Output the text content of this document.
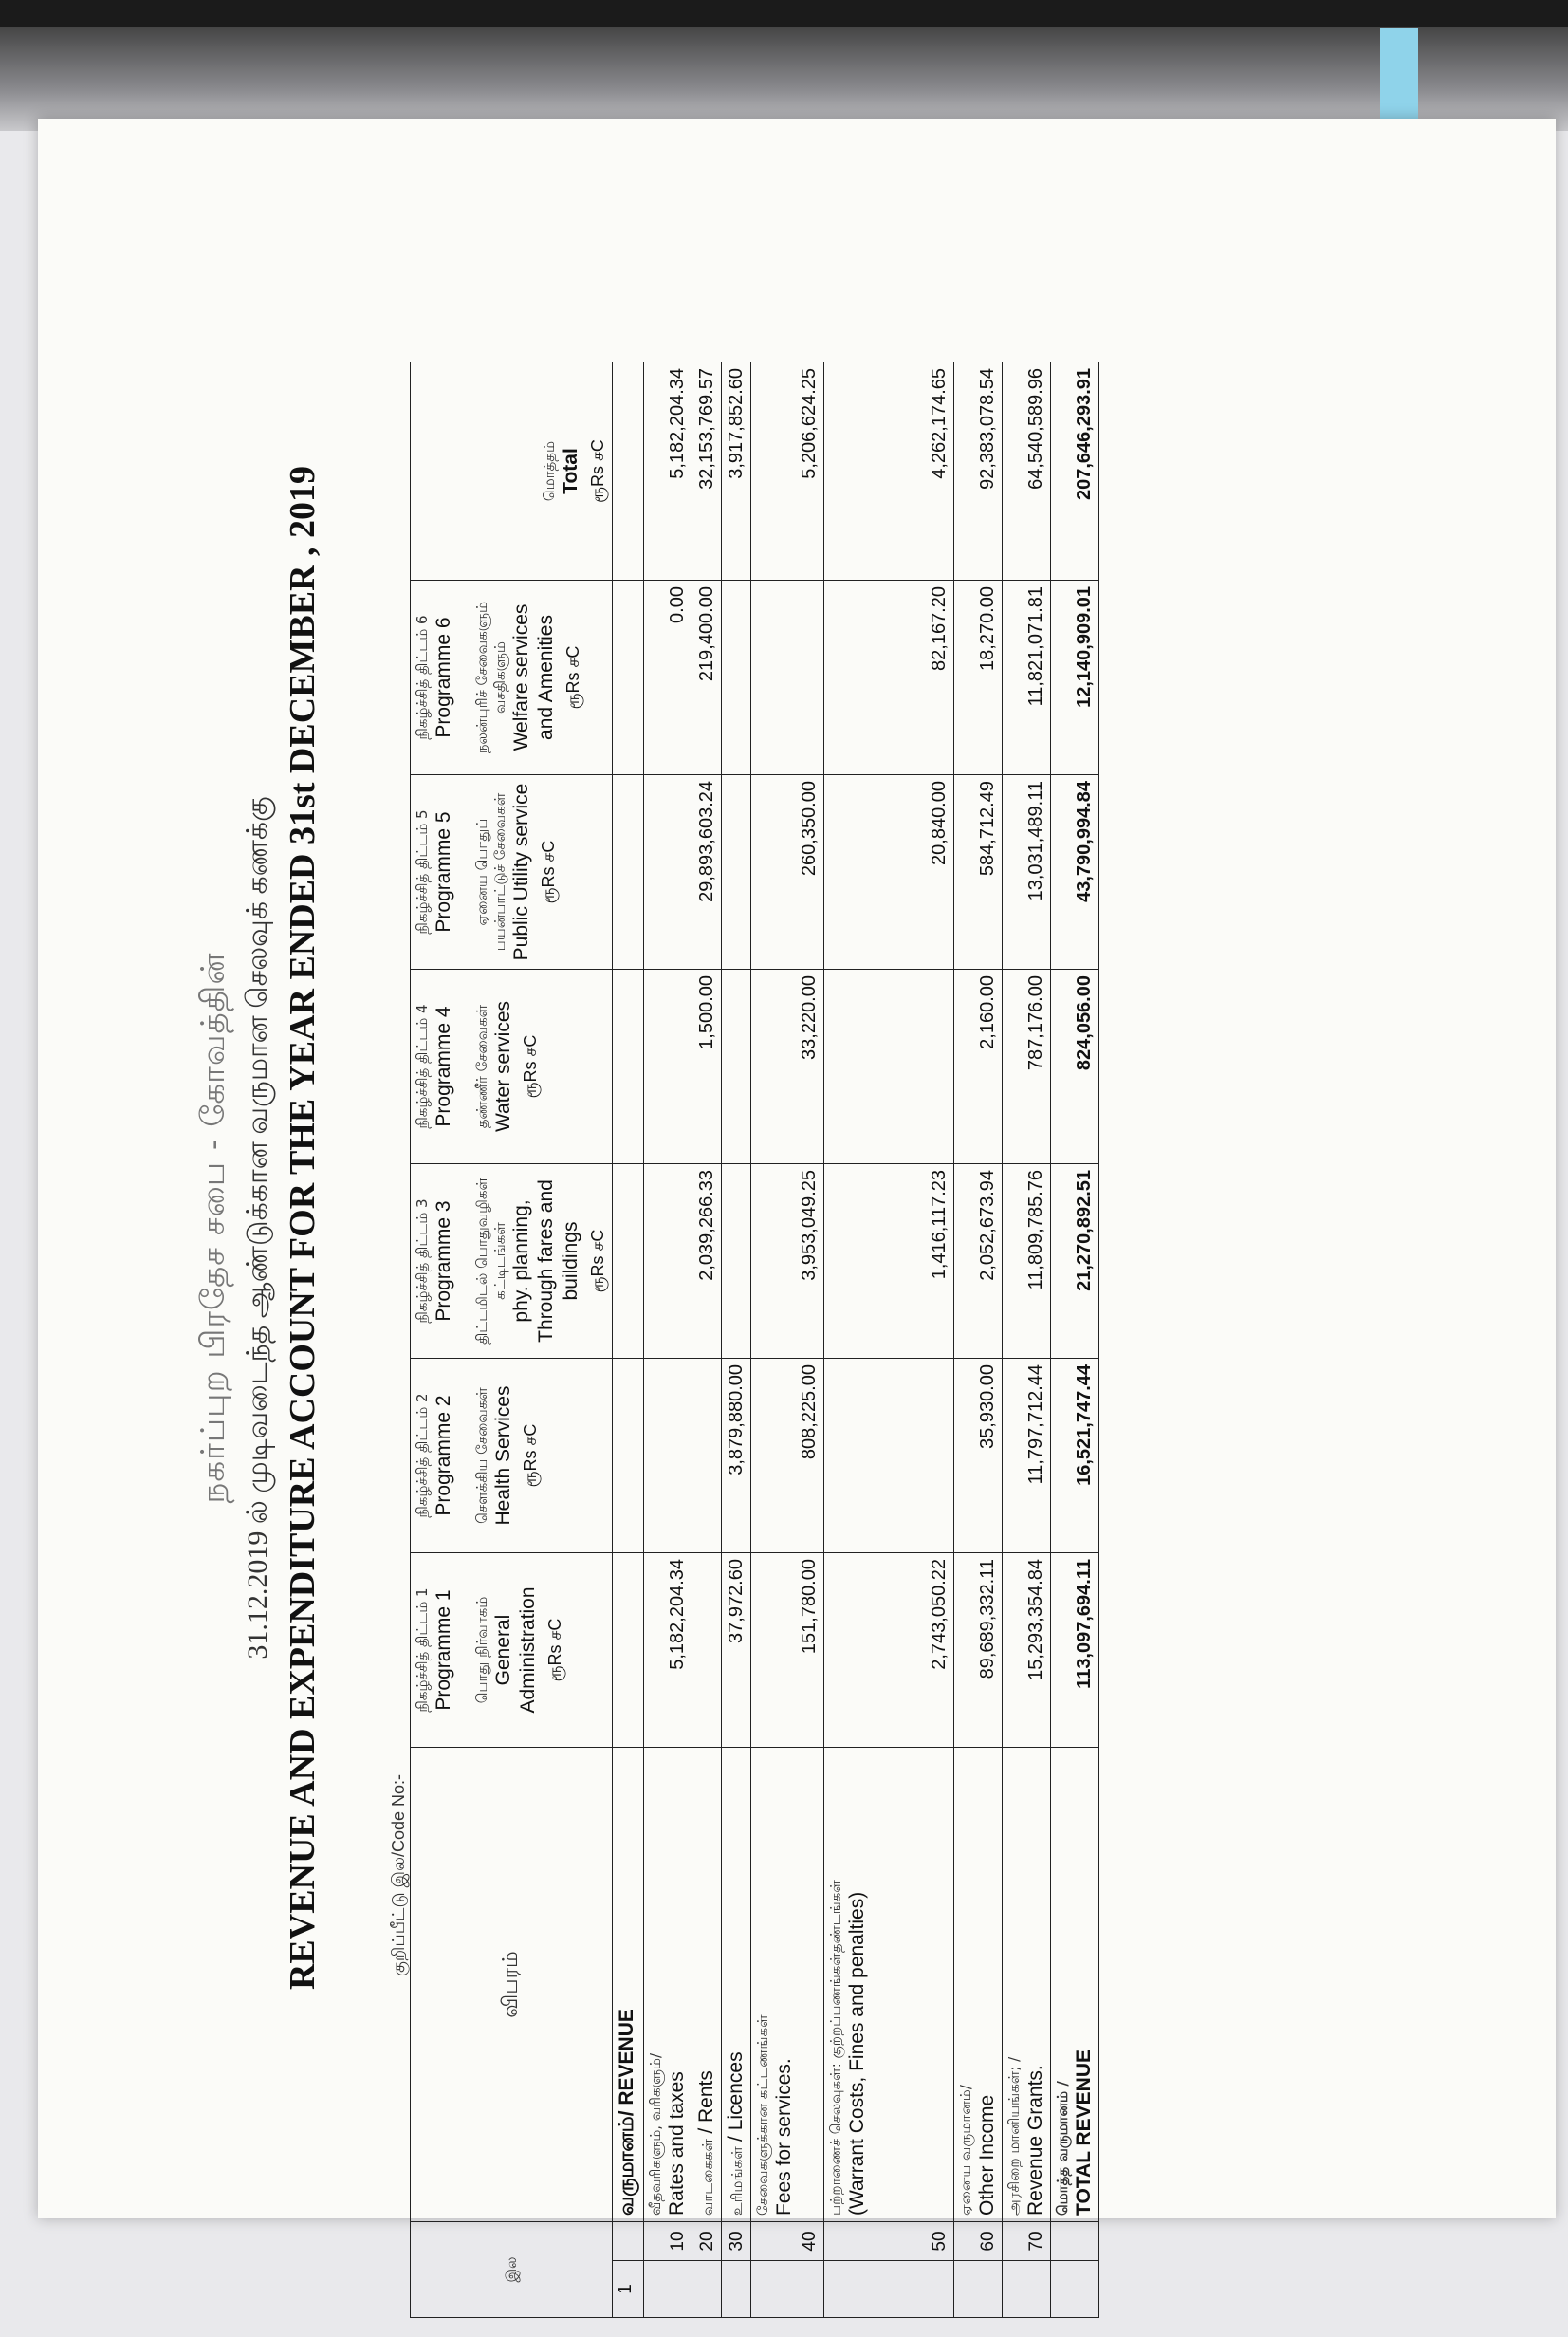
நகர்ப்புற பிரதேச சபை - கோவத்தின் 31.12.2019 ல் முடிவடைந்த ஆண்டுக்கான வருமான செலவுக் கணக்கு REVENUE AND EXPENDITURE ACCOUNT FOR THE YEAR ENDED 31st DECEMBER , 2019	குறிப்பீட்டு இல/Code No:-
இல		விபரம்	நிகழ்ச்சித் திட்டம் 1 Programme 1 பொது நிர்வாகம் General Administration ரூRs சC	நிகழ்ச்சித் திட்டம் 2 Programme 2 சௌக்கிய சேவைகள் Health Services ரூRs சC	நிகழ்ச்சித் திட்டம் 3 Programme 3 திட்டமிடல் பொதுவழிகள் கட்டிடங்கள் phy. planning, Through fares and buildings ரூRs சC	நிகழ்ச்சித் திட்டம் 4 Programme 4 தண்ணீர் சேவைகள் Water services ரூRs சC	நிகழ்ச்சித் திட்டம் 5 Programme 5 ஏனைய பொதுப் பயன்பாட்டுச் சேவைகள் Public Utility service ரூRs சC	நிகழ்ச்சித் திட்டம் 6 Programme 6 நலன்புரிச் சேவைகளும் வசதிகளும் Welfare services and Amenities ரூRs சC	மொத்தம் Total ரூRs சC

1		வருமானம்/ REVENUE							
	10	வீதவரிகளும், வரிகளும்/ Rates and taxes	5,182,204.34					0.00	5,182,204.34
	20	வாடகைகள் / Rents			2,039,266.33	1,500.00	29,893,603.24	219,400.00	32,153,769.57
	30	உரிமங்கள் / Licences	37,972.60	3,879,880.00					3,917,852.60
	40	சேவைகளுக்கான கட்டணங்கள் Fees for services.	151,780.00	808,225.00	3,953,049.25	33,220.00	260,350.00		5,206,624.25
	50	பற்றாணைச் செலவுகள்: குற்றப்பணங்கள்தண்டங்கள் (Warrant Costs, Fines and penalties)	2,743,050.22		1,416,117.23		20,840.00	82,167.20	4,262,174.65
	60	ஏனைய வருமானம்/ Other Income	89,689,332.11	35,930.00	2,052,673.94	2,160.00	584,712.49	18,270.00	92,383,078.54
	70	அரசிறை மானியங்கள்; / Revenue Grants.	15,293,354.84	11,797,712.44	11,809,785.76	787,176.00	13,031,489.11	11,821,071.81	64,540,589.96

		மொத்த வருமானம் / TOTAL REVENUE	113,097,694.11	16,521,747.44	21,270,892.51	824,056.00	43,790,994.84	12,140,909.01	207,646,293.91
